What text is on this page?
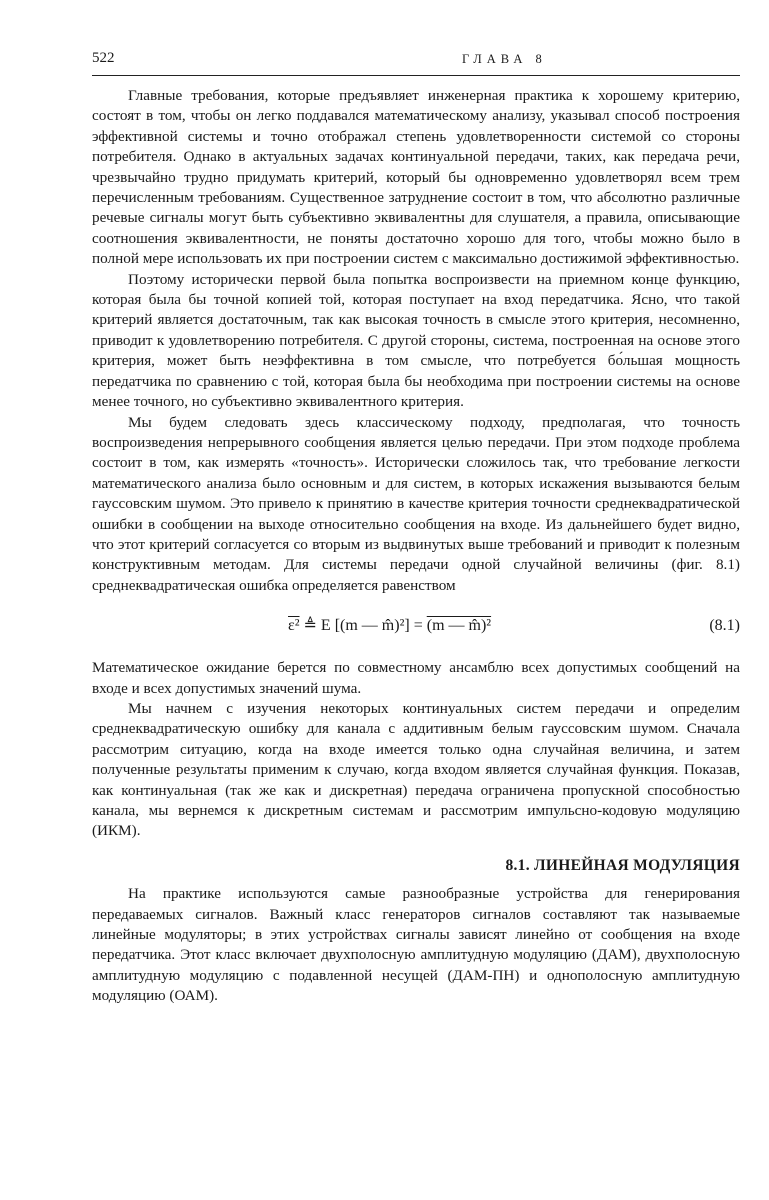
522	ГЛАВА 8

Главные требования, которые предъявляет инженерная практика к хорошему критерию, состоят в том, чтобы он легко поддавался математическому анализу, указывал способ построения эффективной системы и точно отображал степень удовлетворенности системой со стороны потребителя. Однако в актуальных задачах континуальной передачи, таких, как передача речи, чрезвычайно трудно придумать критерий, который бы одновременно удовлетворял всем трем перечисленным требованиям. Существенное затруднение состоит в том, что абсолютно различные речевые сигналы могут быть субъективно эквивалентны для слушателя, а правила, описывающие соотношения эквивалентности, не поняты достаточно хорошо для того, чтобы можно было в полной мере использовать их при построении систем с максимально достижимой эффективностью.

Поэтому исторически первой была попытка воспроизвести на приемном конце функцию, которая была бы точной копией той, которая поступает на вход передатчика. Ясно, что такой критерий является достаточным, так как высокая точность в смысле этого критерия, несомненно, приводит к удовлетворению потребителя. С другой стороны, система, построенная на основе этого критерия, может быть неэффективна в том смысле, что потребуется бо́льшая мощность передатчика по сравнению с той, которая была бы необходима при построении системы на основе менее точного, но субъективно эквивалентного критерия.

Мы будем следовать здесь классическому подходу, предполагая, что точность воспроизведения непрерывного сообщения является целью передачи. При этом подходе проблема состоит в том, как измерять «точность». Исторически сложилось так, что требование легкости математического анализа было основным и для систем, в которых искажения вызываются белым гауссовским шумом. Это привело к принятию в качестве критерия точности среднеквадратической ошибки в сообщении на выходе относительно сообщения на входе. Из дальнейшего будет видно, что этот критерий согласуется со вторым из выдвинутых выше требований и приводит к полезным конструктивным методам. Для системы передачи одной случайной величины (фиг. 8.1) среднеквадратическая ошибка определяется равенством

ε² ≜ E [(m — m̂)²] = (m — m̂)²	(8.1)

Математическое ожидание берется по совместному ансамблю всех допустимых сообщений на входе и всех допустимых значений шума.

Мы начнем с изучения некоторых континуальных систем передачи и определим среднеквадратическую ошибку для канала с аддитивным белым гауссовским шумом. Сначала рассмотрим ситуацию, когда на входе имеется только одна случайная величина, и затем полученные результаты применим к случаю, когда входом является случайная функция. Показав, как континуальная (так же как и дискретная) передача ограничена пропускной способностью канала, мы вернемся к дискретным системам и рассмотрим импульсно-кодовую модуляцию (ИКМ).

8.1. ЛИНЕЙНАЯ МОДУЛЯЦИЯ

На практике используются самые разнообразные устройства для генерирования передаваемых сигналов. Важный класс генераторов сигналов составляют так называемые линейные модуляторы; в этих устройствах сигналы зависят линейно от сообщения на входе передатчика. Этот класс включает двухполосную амплитудную модуляцию (ДАМ), двухполосную амплитудную модуляцию с подавленной несущей (ДАМ-ПН) и однополосную амплитудную модуляцию (ОАМ).
